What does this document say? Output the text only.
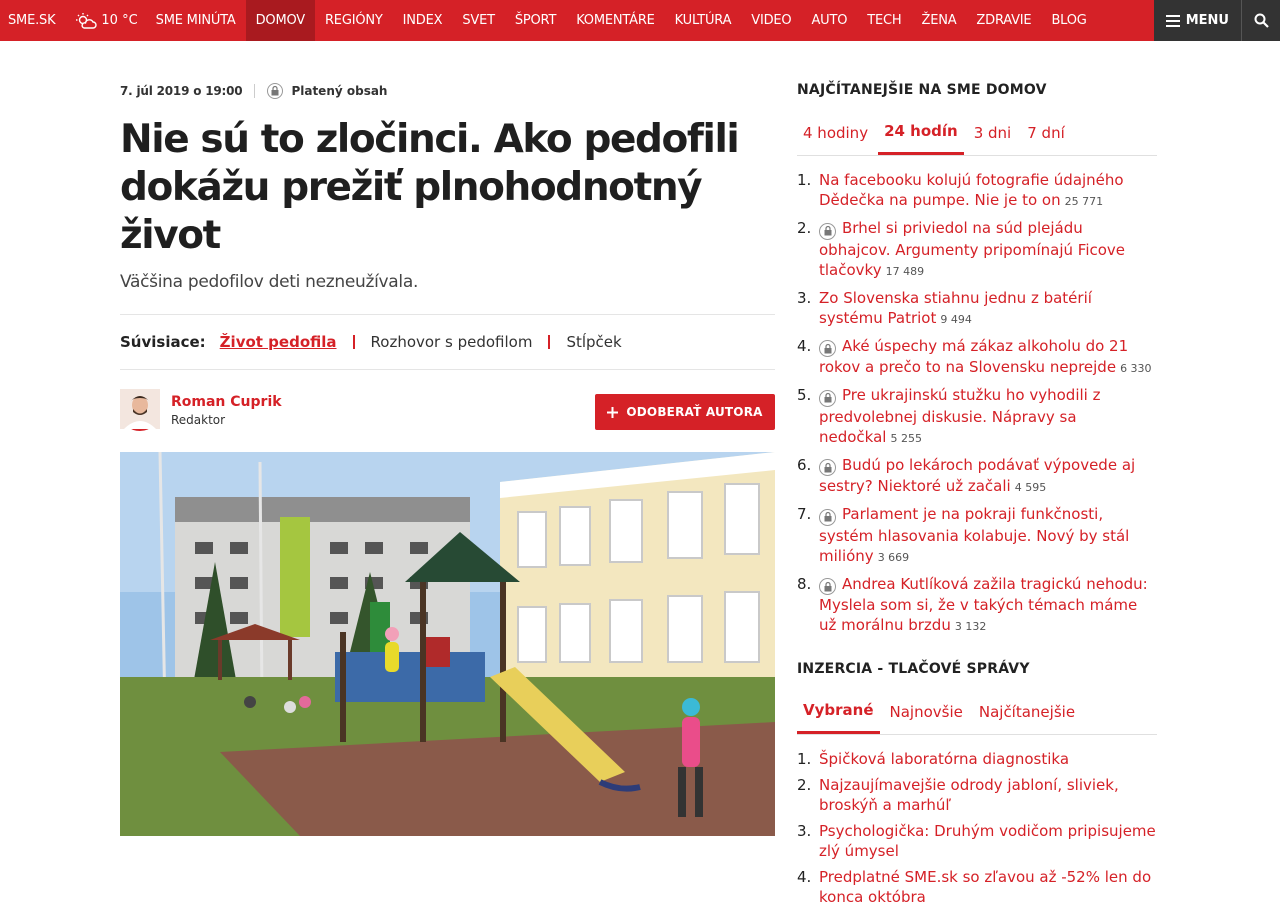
SME.SK	10 °C	SME MINÚTA	DOMOV	REGIÓNY	INDEX	SVET	ŠPORT	KOMENTÁRE	KULTÚRA	VIDEO	AUTO	TECH	ŽENA	ZDRAVIE	BLOG	MENU
7. júl 2019 o 19:00	Platený obsah
Nie sú to zločinci. Ako pedofili dokážu prežiť plnohodnotný život
Väčšina pedofilov deti nezneužívala.
Súvisiace: Život pedofila Rozhovor s pedofilom Stĺpček
Roman Cuprik
Redaktor
ODOBERAŤ AUTORA
NAJČÍTANEJŠIE NA SME DOMOV
4 hodiny	24 hodín	3 dni	7 dní
1. Na facebooku kolujú fotografie údajného Dědečka na pumpe. Nie je to on 25 771
2.	Brhel si priviedol na súd plejádu obhajcov. Argumenty pripomínajú Ficove tlačovky 17 489
3. Zo Slovenska stiahnu jednu z batérií systému Patriot 9 494
4.	Aké úspechy má zákaz alkoholu do 21 rokov a prečo to na Slovensku neprejde 6 330
5.	Pre ukrajinskú stužku ho vyhodili z predvolebnej diskusie. Nápravy sa nedočkal 5 255
6.	Budú po lekároch podávať výpovede aj sestry? Niektoré už začali 4 595
7.	Parlament je na pokraji funkčnosti, systém hlasovania kolabuje. Nový by stál milióny 3 669
8.	Andrea Kutlíková zažila tragickú nehodu: Myslela som si, že v takých témach máme už morálnu brzdu 3 132
INZERCIA - TLAČOVÉ SPRÁVY
Vybrané	Najnovšie	Najčítanejšie
1. Špičková laboratórna diagnostika
2. Najzaujímavejšie odrody jabloní, sliviek, broskýň a marhúľ
3. Psychologička: Druhým vodičom pripisujeme zlý úmysel
4. Predplatné SME.sk so zľavou až -52% len do konca októbra
